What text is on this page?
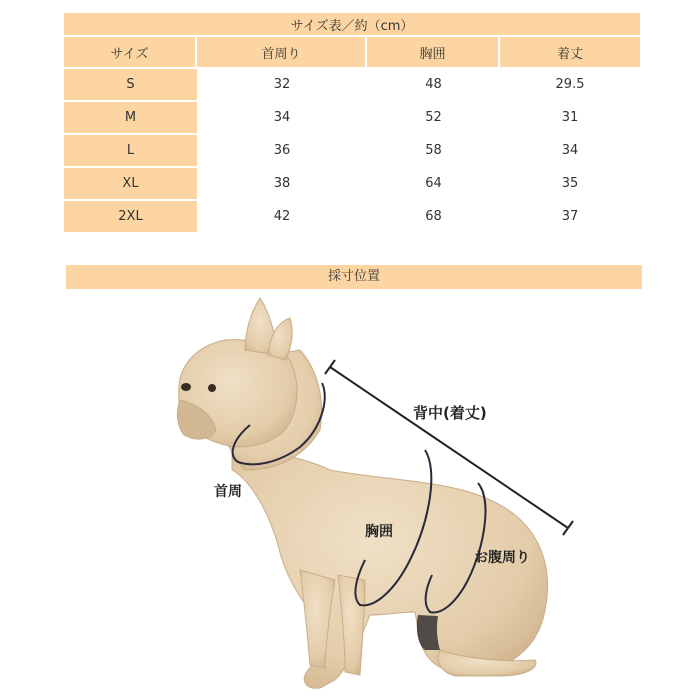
サイズ表／約（cm）			
サイズ	首周り	胸囲	着丈
S	32	48	29.5
M	34	52	31
L	36	58	34
XL	38	64	35
2XL	42	68	37
採寸位置
背中(着丈)
首周
胸囲
お腹周り
